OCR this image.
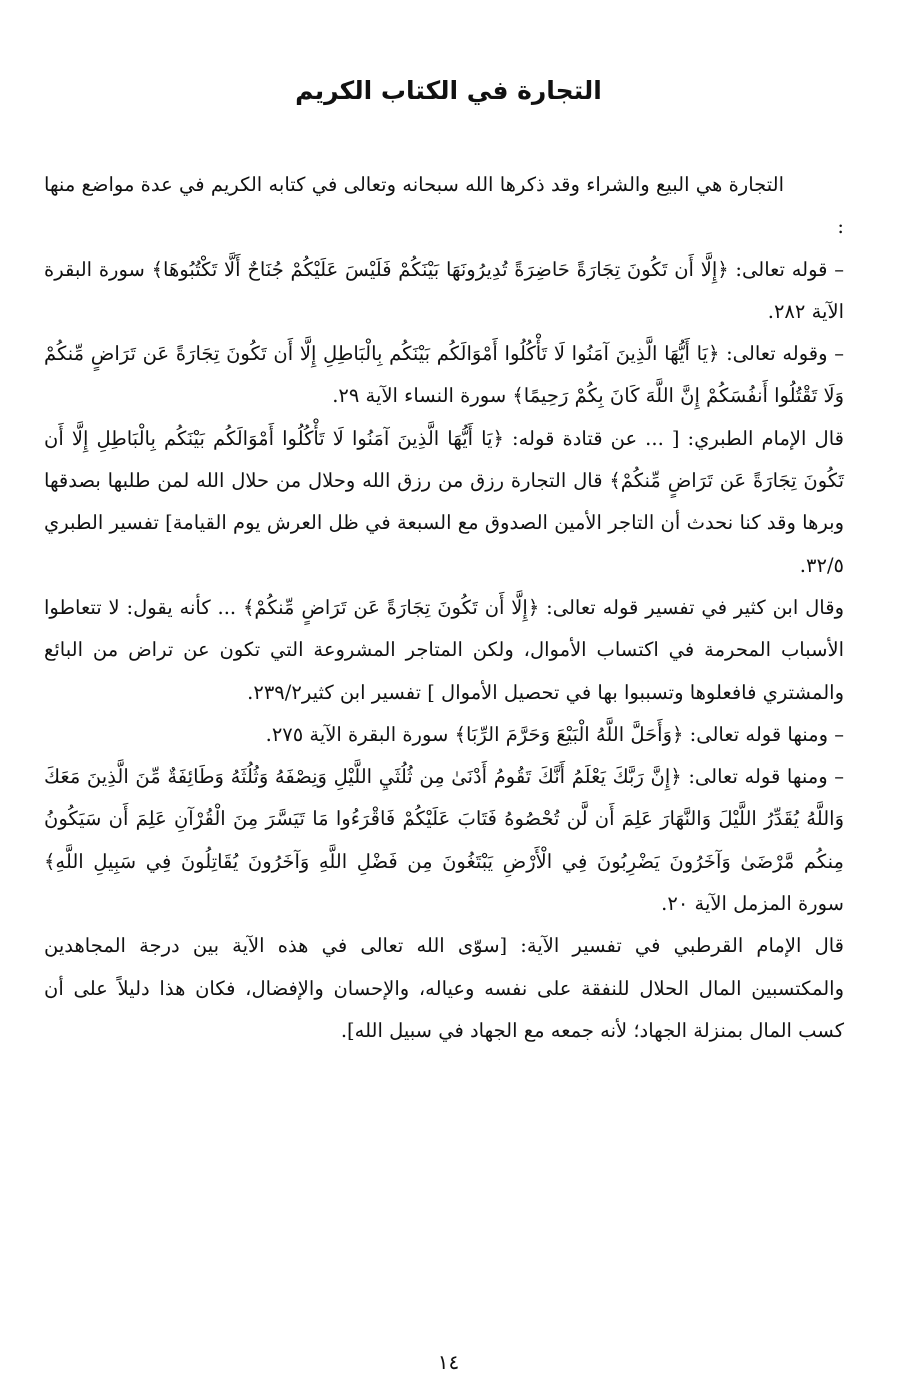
التجارة في الكتاب الكريم

التجارة هي البيع والشراء وقد ذكرها الله سبحانه وتعالى في كتابه الكريم في عدة مواضع منها :

– قوله تعالى: ﴿إِلَّا أَن تَكُونَ تِجَارَةً حَاضِرَةً تُدِيرُونَهَا بَيْنَكُمْ فَلَيْسَ عَلَيْكُمْ جُنَاحٌ أَلَّا تَكْتُبُوهَا﴾ سورة البقرة الآية ٢٨٢.

– وقوله تعالى: ﴿يَا أَيُّهَا الَّذِينَ آمَنُوا لَا تَأْكُلُوا أَمْوَالَكُم بَيْنَكُم بِالْبَاطِلِ إِلَّا أَن تَكُونَ تِجَارَةً عَن تَرَاضٍ مِّنكُمْ وَلَا تَقْتُلُوا أَنفُسَكُمْ إِنَّ اللَّهَ كَانَ بِكُمْ رَحِيمًا﴾ سورة النساء الآية ٢٩.

قال الإمام الطبري: [ ... عن قتادة قوله: ﴿يَا أَيُّهَا الَّذِينَ آمَنُوا لَا تَأْكُلُوا أَمْوَالَكُم بَيْنَكُم بِالْبَاطِلِ إِلَّا أَن تَكُونَ تِجَارَةً عَن تَرَاضٍ مِّنكُمْ﴾ قال التجارة رزق من رزق الله وحلال من حلال الله لمن طلبها بصدقها وبرها وقد كنا نحدث أن التاجر الأمين الصدوق مع السبعة في ظل العرش يوم القيامة] تفسير الطبري ٣٢/٥.

وقال ابن كثير في تفسير قوله تعالى: ﴿إِلَّا أَن تَكُونَ تِجَارَةً عَن تَرَاضٍ مِّنكُمْ﴾ ... كأنه يقول: لا تتعاطوا الأسباب المحرمة في اكتساب الأموال، ولكن المتاجر المشروعة التي تكون عن تراض من البائع والمشتري فافعلوها وتسببوا بها في تحصيل الأموال ] تفسير ابن كثير٢٣٩/٢.

– ومنها قوله تعالى: ﴿وَأَحَلَّ اللَّهُ الْبَيْعَ وَحَرَّمَ الرِّبَا﴾ سورة البقرة الآية ٢٧٥.

– ومنها قوله تعالى: ﴿إِنَّ رَبَّكَ يَعْلَمُ أَنَّكَ تَقُومُ أَدْنَىٰ مِن ثُلُثَيِ اللَّيْلِ وَنِصْفَهُ وَثُلُثَهُ وَطَائِفَةٌ مِّنَ الَّذِينَ مَعَكَ وَاللَّهُ يُقَدِّرُ اللَّيْلَ وَالنَّهَارَ عَلِمَ أَن لَّن تُحْصُوهُ فَتَابَ عَلَيْكُمْ فَاقْرَءُوا مَا تَيَسَّرَ مِنَ الْقُرْآنِ عَلِمَ أَن سَيَكُونُ مِنكُم مَّرْضَىٰ وَآخَرُونَ يَضْرِبُونَ فِي الْأَرْضِ يَبْتَغُونَ مِن فَضْلِ اللَّهِ وَآخَرُونَ يُقَاتِلُونَ فِي سَبِيلِ اللَّهِ﴾ سورة المزمل الآية ٢٠.

قال الإمام القرطبي في تفسير الآية: [سوّى الله تعالى في هذه الآية بين درجة المجاهدين والمكتسبين المال الحلال للنفقة على نفسه وعياله، والإحسان والإفضال، فكان هذا دليلاً على أن كسب المال بمنزلة الجهاد؛ لأنه جمعه مع الجهاد في سبيل الله].

١٤
